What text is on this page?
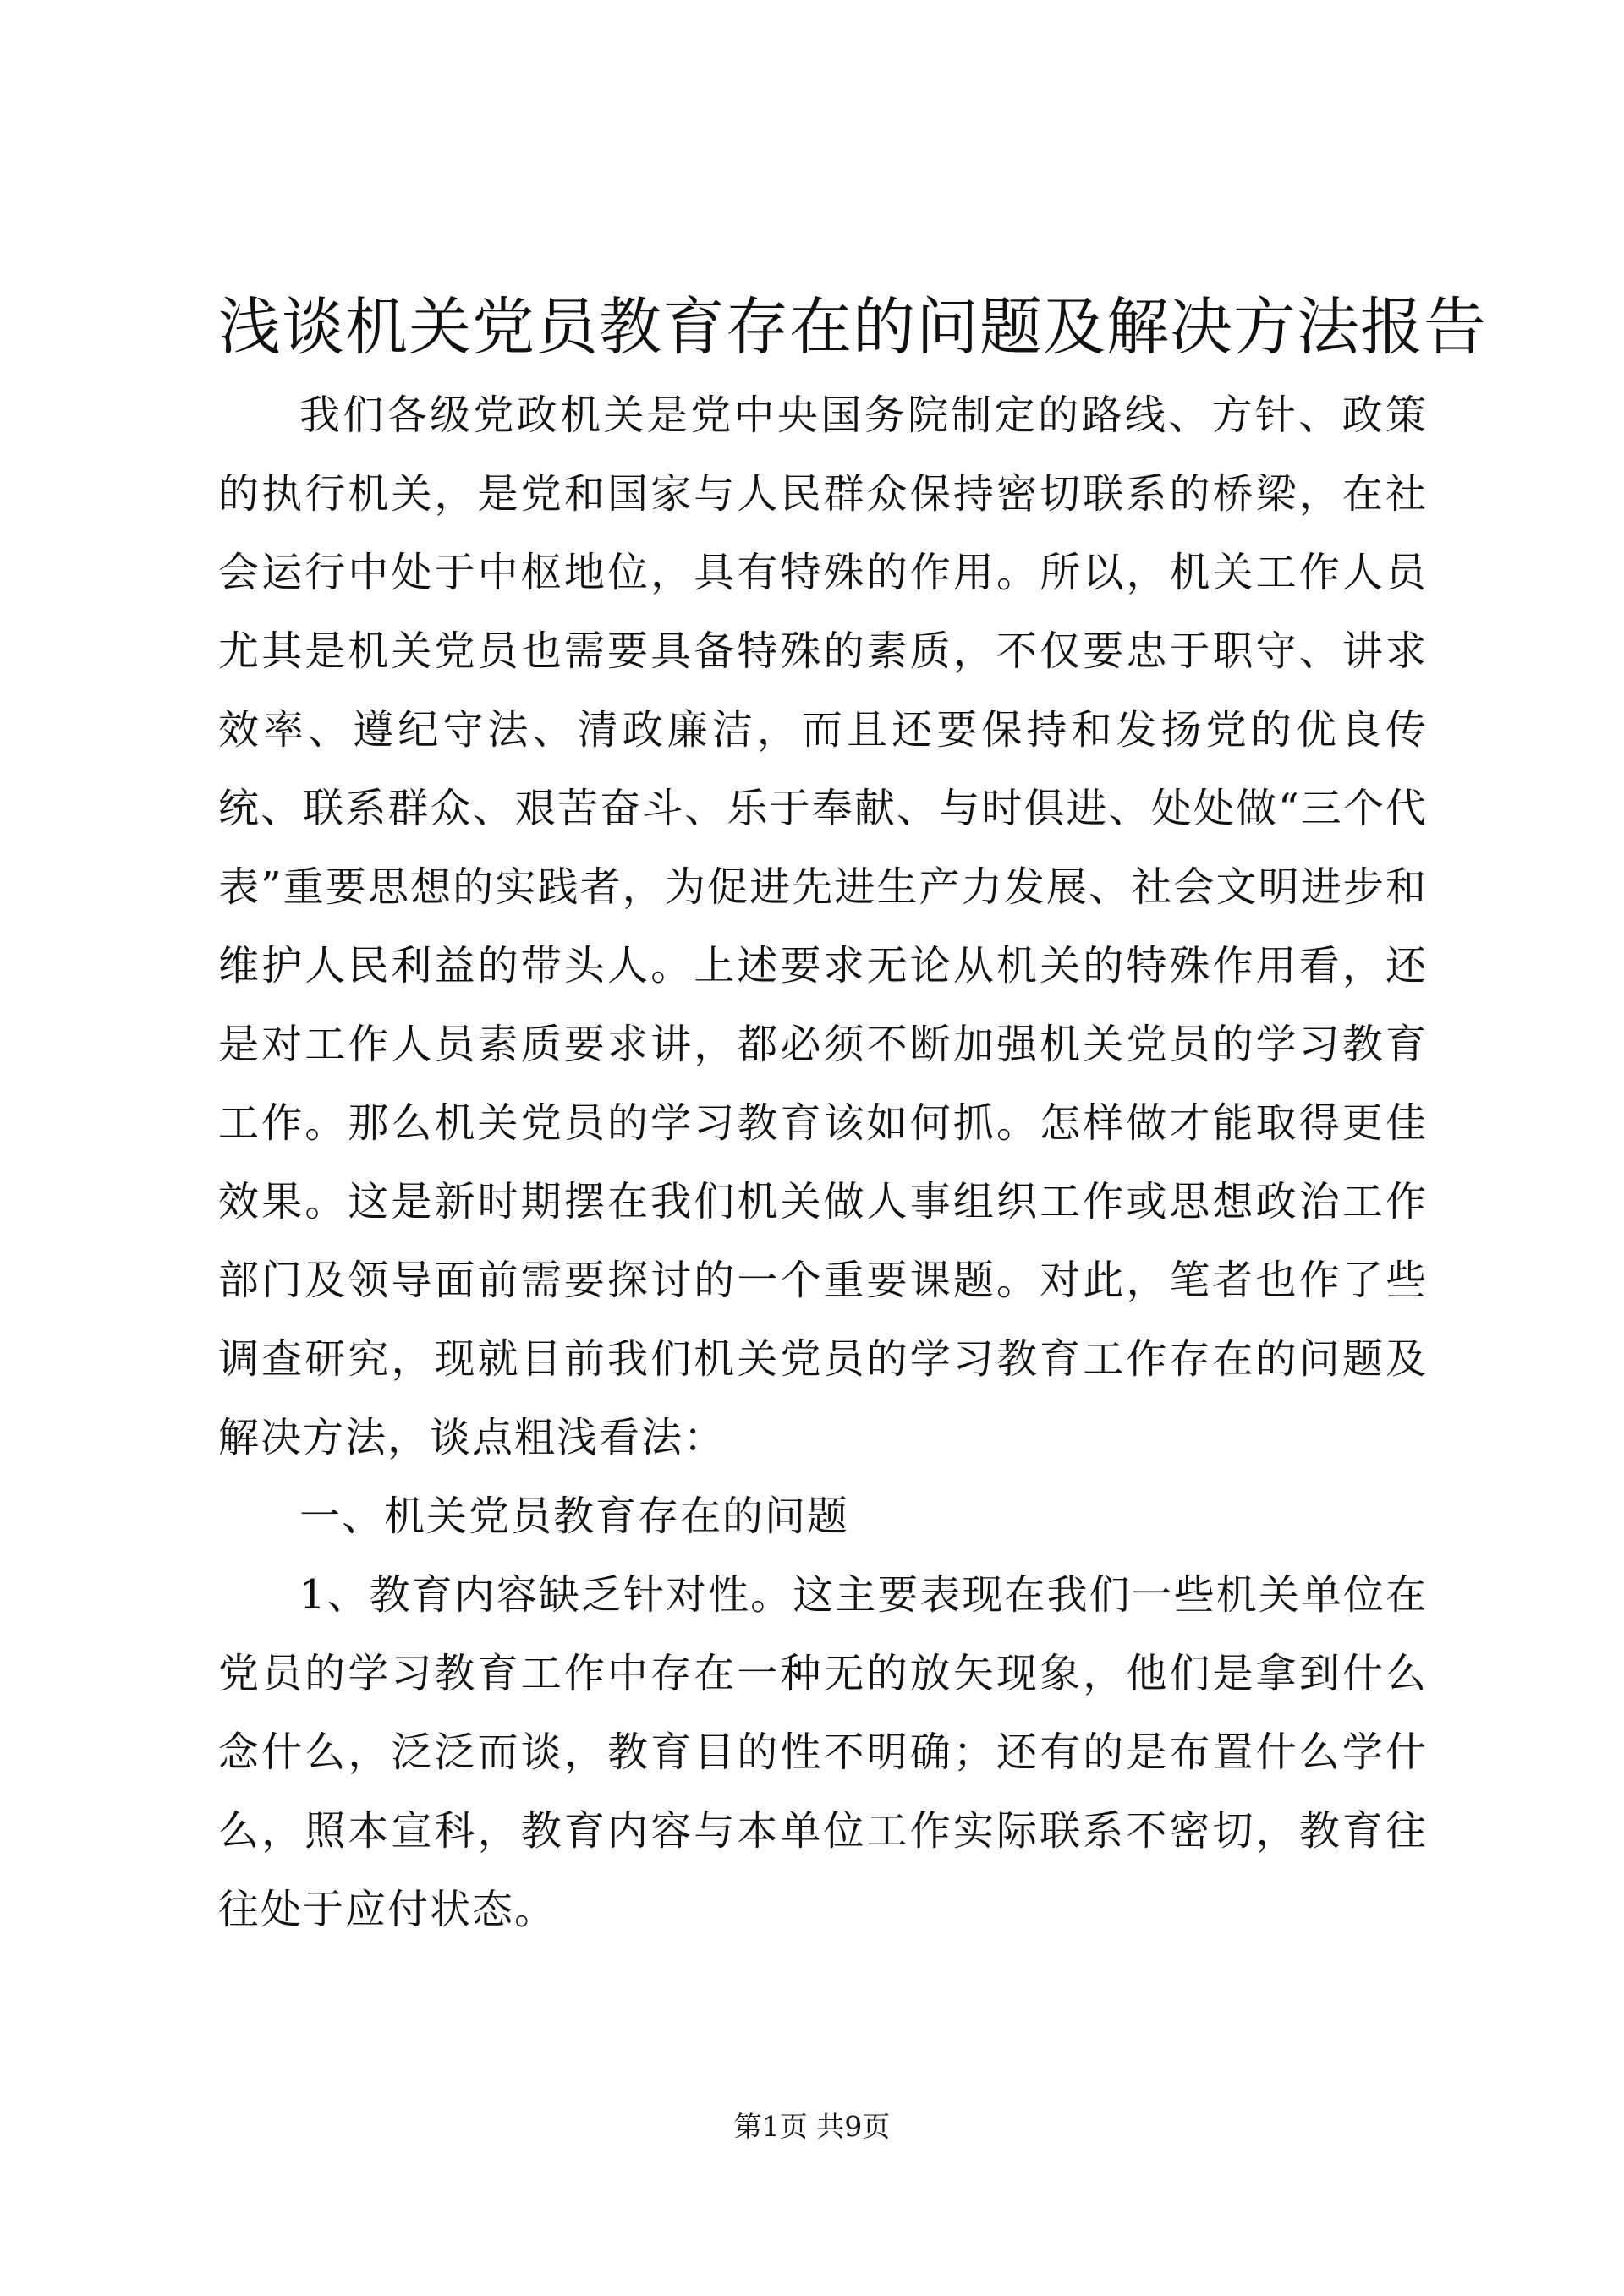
浅谈机关党员教育存在的问题及解决方法报告

我们各级党政机关是党中央国务院制定的路线、方针、政策的执行机关，是党和国家与人民群众保持密切联系的桥梁，在社会运行中处于中枢地位，具有特殊的作用。所以，机关工作人员尤其是机关党员也需要具备特殊的素质，不仅要忠于职守、讲求效率、遵纪守法、清政廉洁，而且还要保持和发扬党的优良传统、联系群众、艰苦奋斗、乐于奉献、与时俱进、处处做“三个代表”重要思想的实践者，为促进先进生产力发展、社会文明进步和维护人民利益的带头人。上述要求无论从机关的特殊作用看，还是对工作人员素质要求讲，都必须不断加强机关党员的学习教育工作。那么机关党员的学习教育该如何抓。怎样做才能取得更佳效果。这是新时期摆在我们机关做人事组织工作或思想政治工作部门及领导面前需要探讨的一个重要课题。对此，笔者也作了些调查研究，现就目前我们机关党员的学习教育工作存在的问题及解决方法，谈点粗浅看法：

一、机关党员教育存在的问题

1、教育内容缺乏针对性。这主要表现在我们一些机关单位在党员的学习教育工作中存在一种无的放矢现象，他们是拿到什么念什么，泛泛而谈，教育目的性不明确；还有的是布置什么学什么，照本宣科，教育内容与本单位工作实际联系不密切，教育往往处于应付状态。

第1页 共9页
